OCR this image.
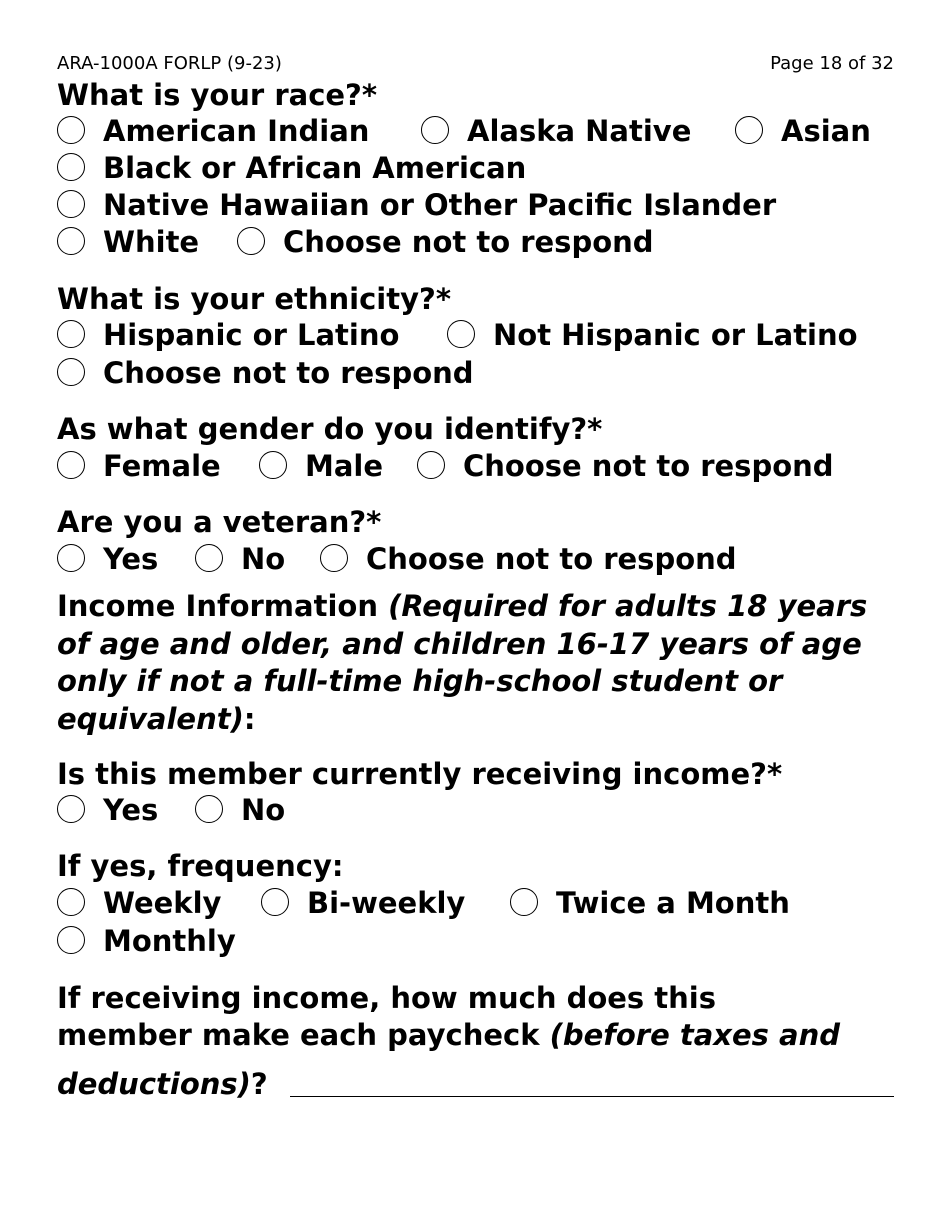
ARA-1000A FORLP (9-23)	Page 18 of 32
What is your race?*
American Indian	Alaska Native	Asian
Black or African American
Native Hawaiian or Other Pacific Islander
White	Choose not to respond
What is your ethnicity?*
Hispanic or Latino	Not Hispanic or Latino
Choose not to respond
As what gender do you identify?*
Female	Male	Choose not to respond
Are you a veteran?*
Yes	No	Choose not to respond
Income Information (Required for adults 18 years of age and older, and children 16-17 years of age only if not a full-time high-school student or equivalent):
Is this member currently receiving income?*
Yes	No
If yes, frequency:
Weekly	Bi-weekly	Twice a Month
Monthly
If receiving income, how much does this
member make each paycheck (before taxes and
deductions)?
